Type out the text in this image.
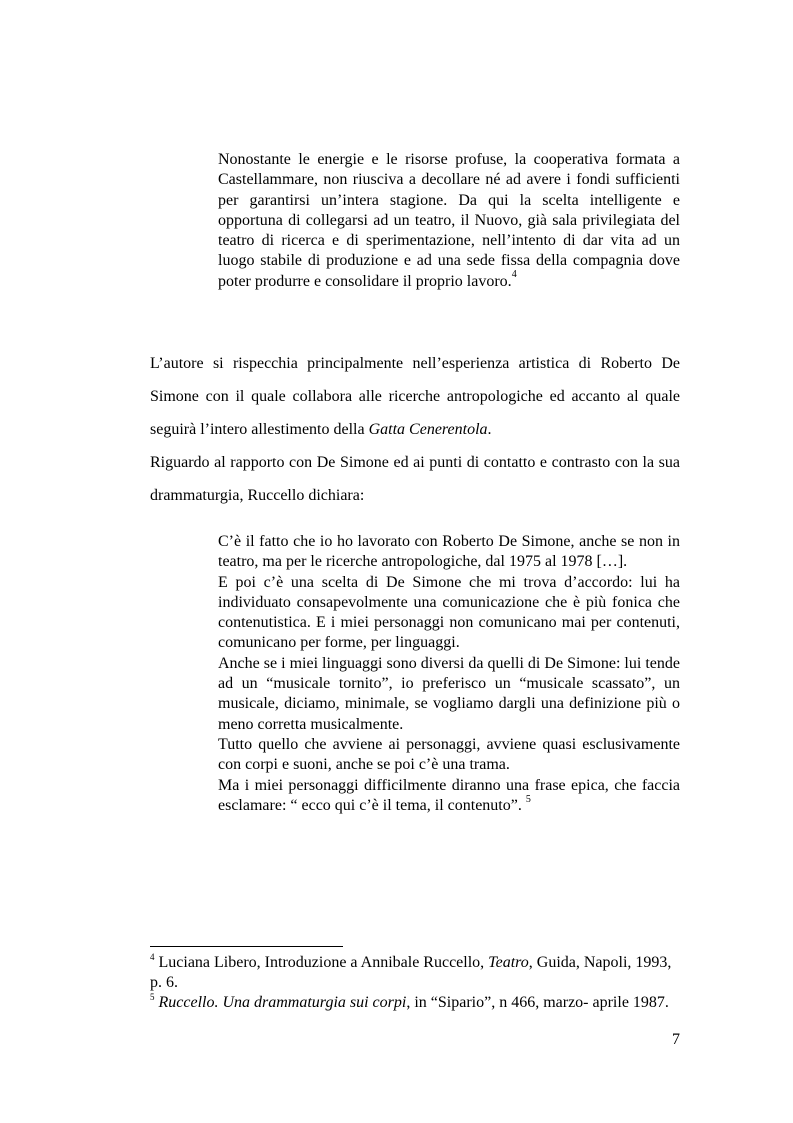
Nonostante le energie e le risorse profuse, la cooperativa formata a Castellammare, non riusciva a decollare né ad avere i fondi sufficienti per garantirsi un’intera stagione. Da qui la scelta intelligente e opportuna di collegarsi ad un teatro, il Nuovo, già sala privilegiata del teatro di ricerca e di sperimentazione, nell’intento di dar vita ad un luogo stabile di produzione e ad una sede fissa della compagnia dove poter produrre e consolidare il proprio lavoro.$^4$

L’autore si rispecchia principalmente nell’esperienza artistica di Roberto De Simone con il quale collabora alle ricerche antropologiche ed accanto al quale seguirà l’intero allestimento della Gatta Cenerentola.

Riguardo al rapporto con De Simone ed ai punti di contatto e contrasto con la sua drammaturgia, Ruccello dichiara:

C’è il fatto che io ho lavorato con Roberto De Simone, anche se non in teatro, ma per le ricerche antropologiche, dal 1975 al 1978 […].

E poi c’è una scelta di De Simone che mi trova d’accordo: lui ha individuato consapevolmente una comunicazione che è più fonica che contenutistica. E i miei personaggi non comunicano mai per contenuti, comunicano per forme, per linguaggi.

Anche se i miei linguaggi sono diversi da quelli di De Simone: lui tende ad un “musicale tornito”, io preferisco un “musicale scassato”, un musicale, diciamo, minimale, se vogliamo dargli una definizione più o meno corretta musicalmente.

Tutto quello che avviene ai personaggi, avviene quasi esclusivamente con corpi e suoni, anche se poi c’è una trama.

Ma i miei personaggi difficilmente diranno una frase epica, che faccia esclamare: “ ecco qui c’è il tema, il contenuto”. $^5$

$^4$ Luciana Libero, Introduzione a Annibale Ruccello, Teatro, Guida, Napoli, 1993, p. 6.

$^5$ Ruccello. Una drammaturgia sui corpi, in “Sipario”, n 466, marzo- aprile 1987.

7
